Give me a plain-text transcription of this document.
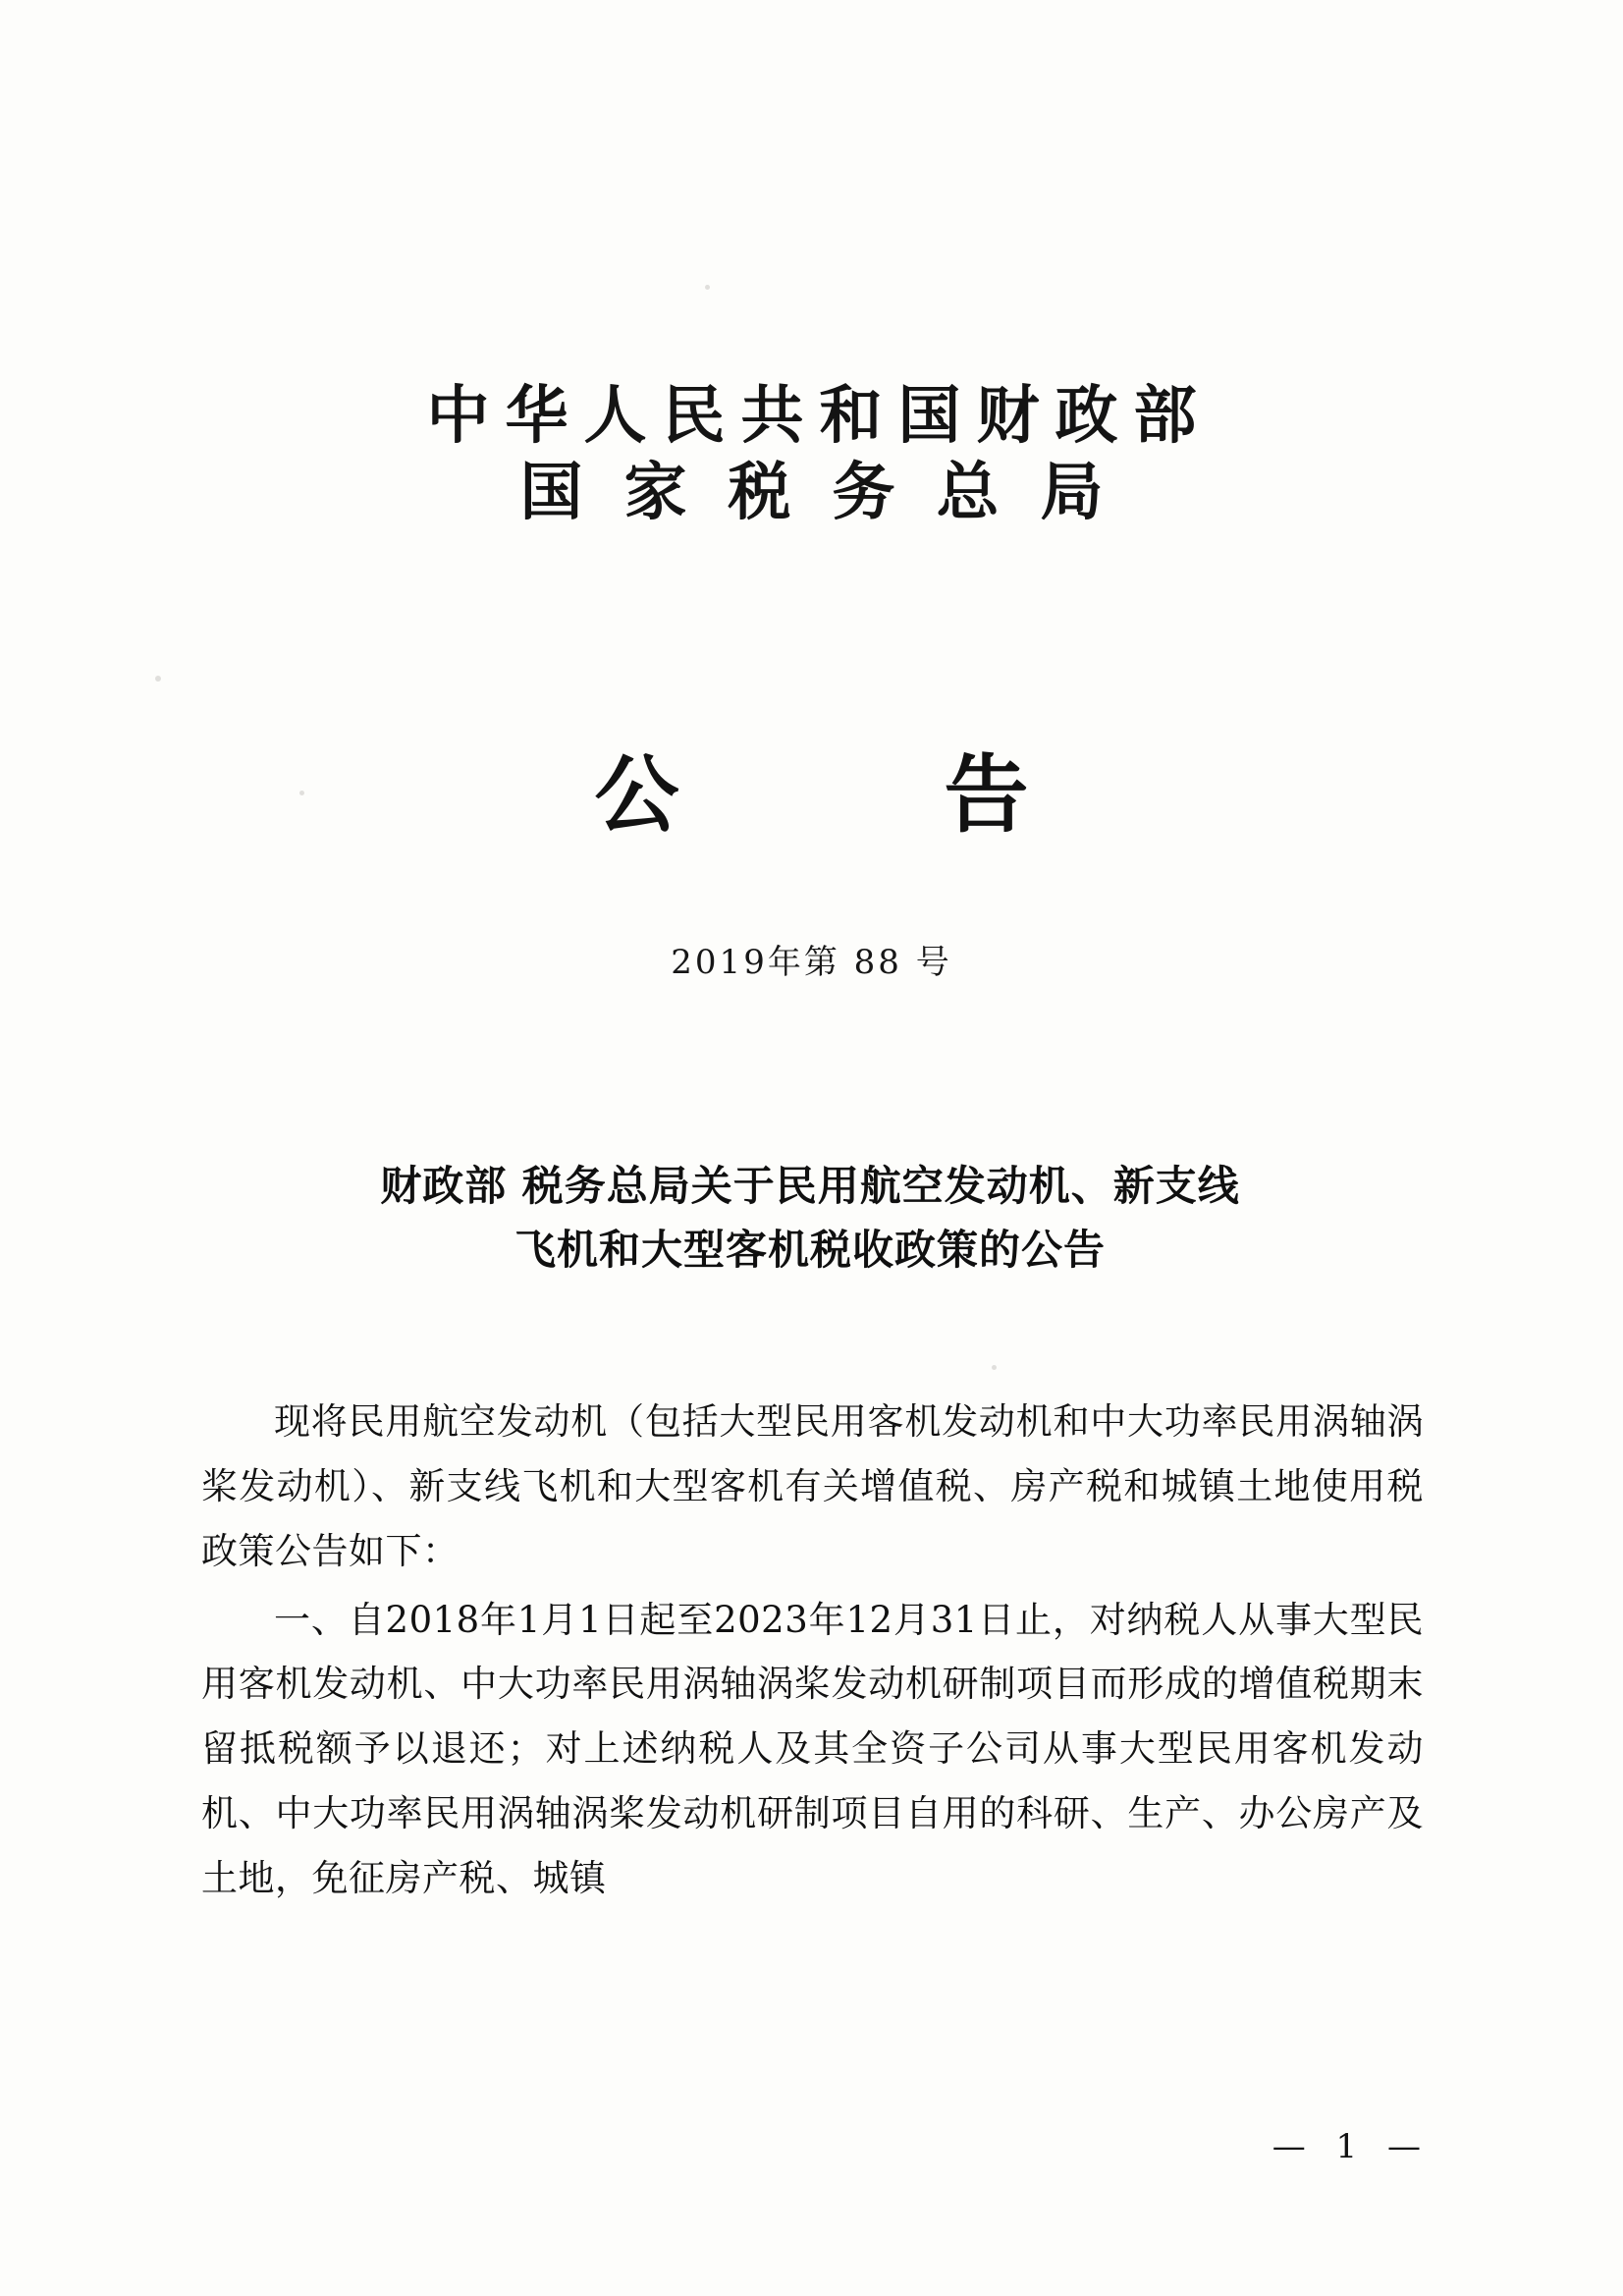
中华人民共和国财政部
国家税务总局
公 告
2019年第 88 号
财政部 税务总局关于民用航空发动机、新支线
飞机和大型客机税收政策的公告

现将民用航空发动机（包括大型民用客机发动机和中大功率民用涡轴涡桨发动机）、新支线飞机和大型客机有关增值税、房产税和城镇土地使用税政策公告如下：

一、自2018年1月1日起至2023年12月31日止，对纳税人从事大型民用客机发动机、中大功率民用涡轴涡桨发动机研制项目而形成的增值税期末留抵税额予以退还；对上述纳税人及其全资子公司从事大型民用客机发动机、中大功率民用涡轴涡桨发动机研制项目自用的科研、生产、办公房产及土地，免征房产税、城镇

— 1 —
